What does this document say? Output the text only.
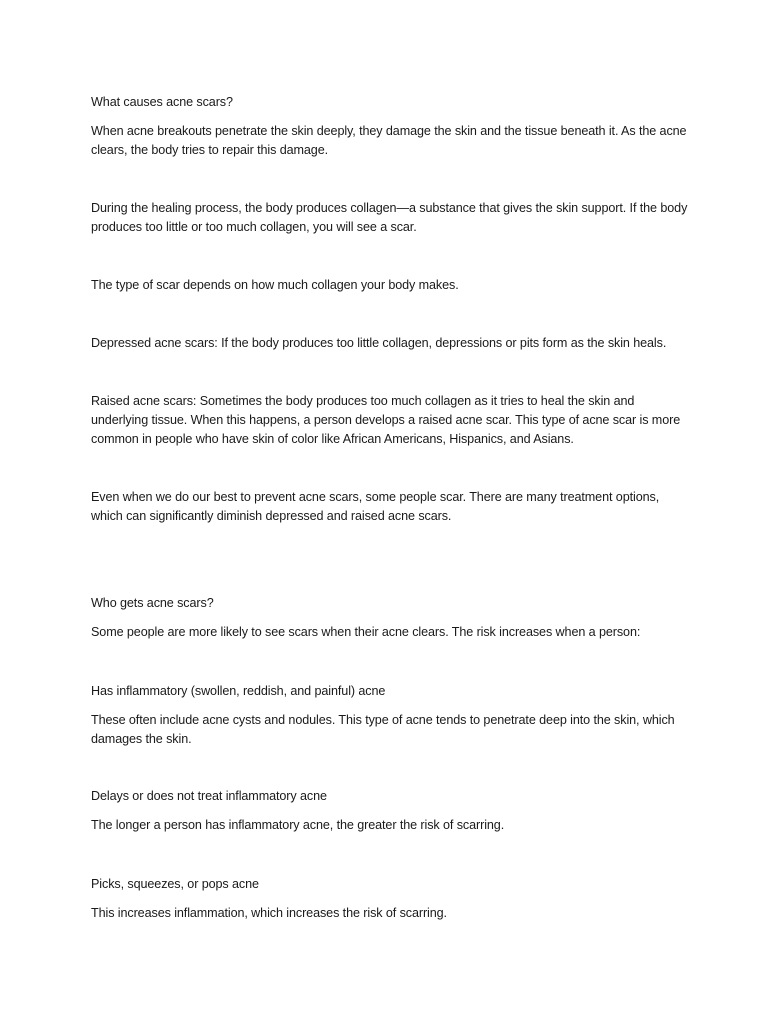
What causes acne scars?

When acne breakouts penetrate the skin deeply, they damage the skin and the tissue beneath it. As the acne clears, the body tries to repair this damage.

During the healing process, the body produces collagen—a substance that gives the skin support. If the body produces too little or too much collagen, you will see a scar.

The type of scar depends on how much collagen your body makes.

Depressed acne scars: If the body produces too little collagen, depressions or pits form as the skin heals.

Raised acne scars: Sometimes the body produces too much collagen as it tries to heal the skin and underlying tissue. When this happens, a person develops a raised acne scar. This type of acne scar is more common in people who have skin of color like African Americans, Hispanics, and Asians.

Even when we do our best to prevent acne scars, some people scar. There are many treatment options, which can significantly diminish depressed and raised acne scars.

Who gets acne scars?

Some people are more likely to see scars when their acne clears. The risk increases when a person:

Has inflammatory (swollen, reddish, and painful) acne

These often include acne cysts and nodules. This type of acne tends to penetrate deep into the skin, which damages the skin.

Delays or does not treat inflammatory acne

The longer a person has inflammatory acne, the greater the risk of scarring.

Picks, squeezes, or pops acne

This increases inflammation, which increases the risk of scarring.
